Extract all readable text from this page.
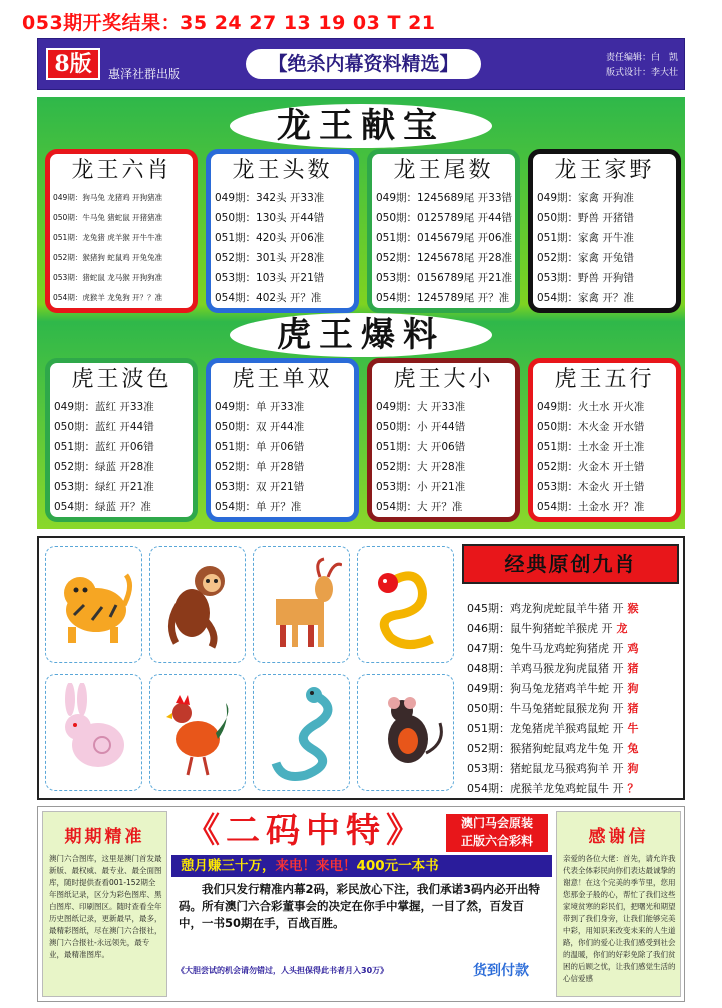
053期开奖结果：35 24 27 13 19 03 T 21
8版	惠泽社群出版	【绝杀内幕资料精选】	责任编辑：白　凯
版式设计：李大壮
龙王献宝
虎王爆料
龙王六肖
049期：狗马兔 龙猪鸡 开狗猪准
050期：牛马兔 猪蛇鼠 开猪猪准
051期：龙兔猪 虎羊猴 开牛牛准
052期：猴猪狗 蛇鼠鸡 开兔兔准
053期：猪蛇鼠 龙马猴 开狗狗准
054期：虎猴羊 龙兔狗 开？？准
龙王头数
049期：342头 开33准
050期：130头 开44错
051期：420头 开06准
052期：301头 开28准
053期：103头 开21错
054期：402头 开？准
龙王尾数
049期：1245689尾 开33错
050期：0125789尾 开44错
051期：0145679尾 开06准
052期：1245678尾 开28准
053期：0156789尾 开21准
054期：1245789尾 开？准
龙王家野
049期：家禽 开狗准
050期：野兽 开猪错
051期：家禽 开牛准
052期：家禽 开兔错
053期：野兽 开狗错
054期：家禽 开？准
虎王波色
049期：蓝红 开33准
050期：蓝红 开44错
051期：蓝红 开06错
052期：绿蓝 开28准
053期：绿红 开21准
054期：绿蓝 开？准
虎王单双
049期：单 开33准
050期：双 开44准
051期：单 开06错
052期：单 开28错
053期：双 开21错
054期：单 开？准
虎王大小
049期：大 开33准
050期：小 开44错
051期：大 开06错
052期：大 开28准
053期：小 开21准
054期：大 开？准
虎王五行
049期：火土水 开火准
050期：木火金 开水错
051期：土水金 开土准
052期：火金木 开土错
053期：木金火 开土错
054期：土金水 开？准
经典原创九肖
045期：鸡龙狗虎蛇鼠羊牛猪 开 猴
046期：鼠牛狗猪蛇羊猴虎 开 龙
047期：兔牛马龙鸡蛇狗猪虎 开 鸡
048期：羊鸡马猴龙狗虎鼠猪 开 猪
049期：狗马兔龙猪鸡羊牛蛇 开 狗
050期：牛马兔猪蛇鼠猴龙狗 开 猪
051期：龙兔猪虎羊猴鸡鼠蛇 开 牛
052期：猴猪狗蛇鼠鸡龙牛兔 开 兔
053期：猪蛇鼠龙马猴鸡狗羊 开 狗
054期：虎猴羊龙兔鸡蛇鼠牛 开 ？
期期精准
澳门六合图库，这里是澳门首发最新版、最权威、最专业、最全面图库，随时提供查看001-152期全年图纸记录，区分为彩色图库、黑白图库、印刷图区。随时查看全年历史图纸记录，更新最早，最多，最精彩图纸，尽在澳门六合报社，澳门六合报社-永远领先，最专业，最精准图库。
《二码中特》	澳门马会原装
正版六合彩料
憩月赚三十万，来电！来电！400元一本书
我们只发行精准内幕2码，彩民放心下注，我们承诺3码内必开出特码。所有澳门六合彩董事会的决定在你手中掌握，一目了然，百发百中，一书50期在手，百战百胜。
《大胆尝试的机会请勿错过，人头担保得此书者月入30万》	货到付款
感谢信
亲爱的各位大佬：首先，请允许我代表全体彩民向你们表达最诚挚的谢意！在这个完美的季节里，您用您那金子般的心，帮忙了我们这些家境贫寒的彩民们，把曙光和期望带到了我们身旁，让我们能够完美中彩，用知识来改变未来的人生道路，你们的爱心让我们感受到社会的温暖，你们的好彩免除了我们贫困的后顾之忧，让我们感觉生活的心信爱感
